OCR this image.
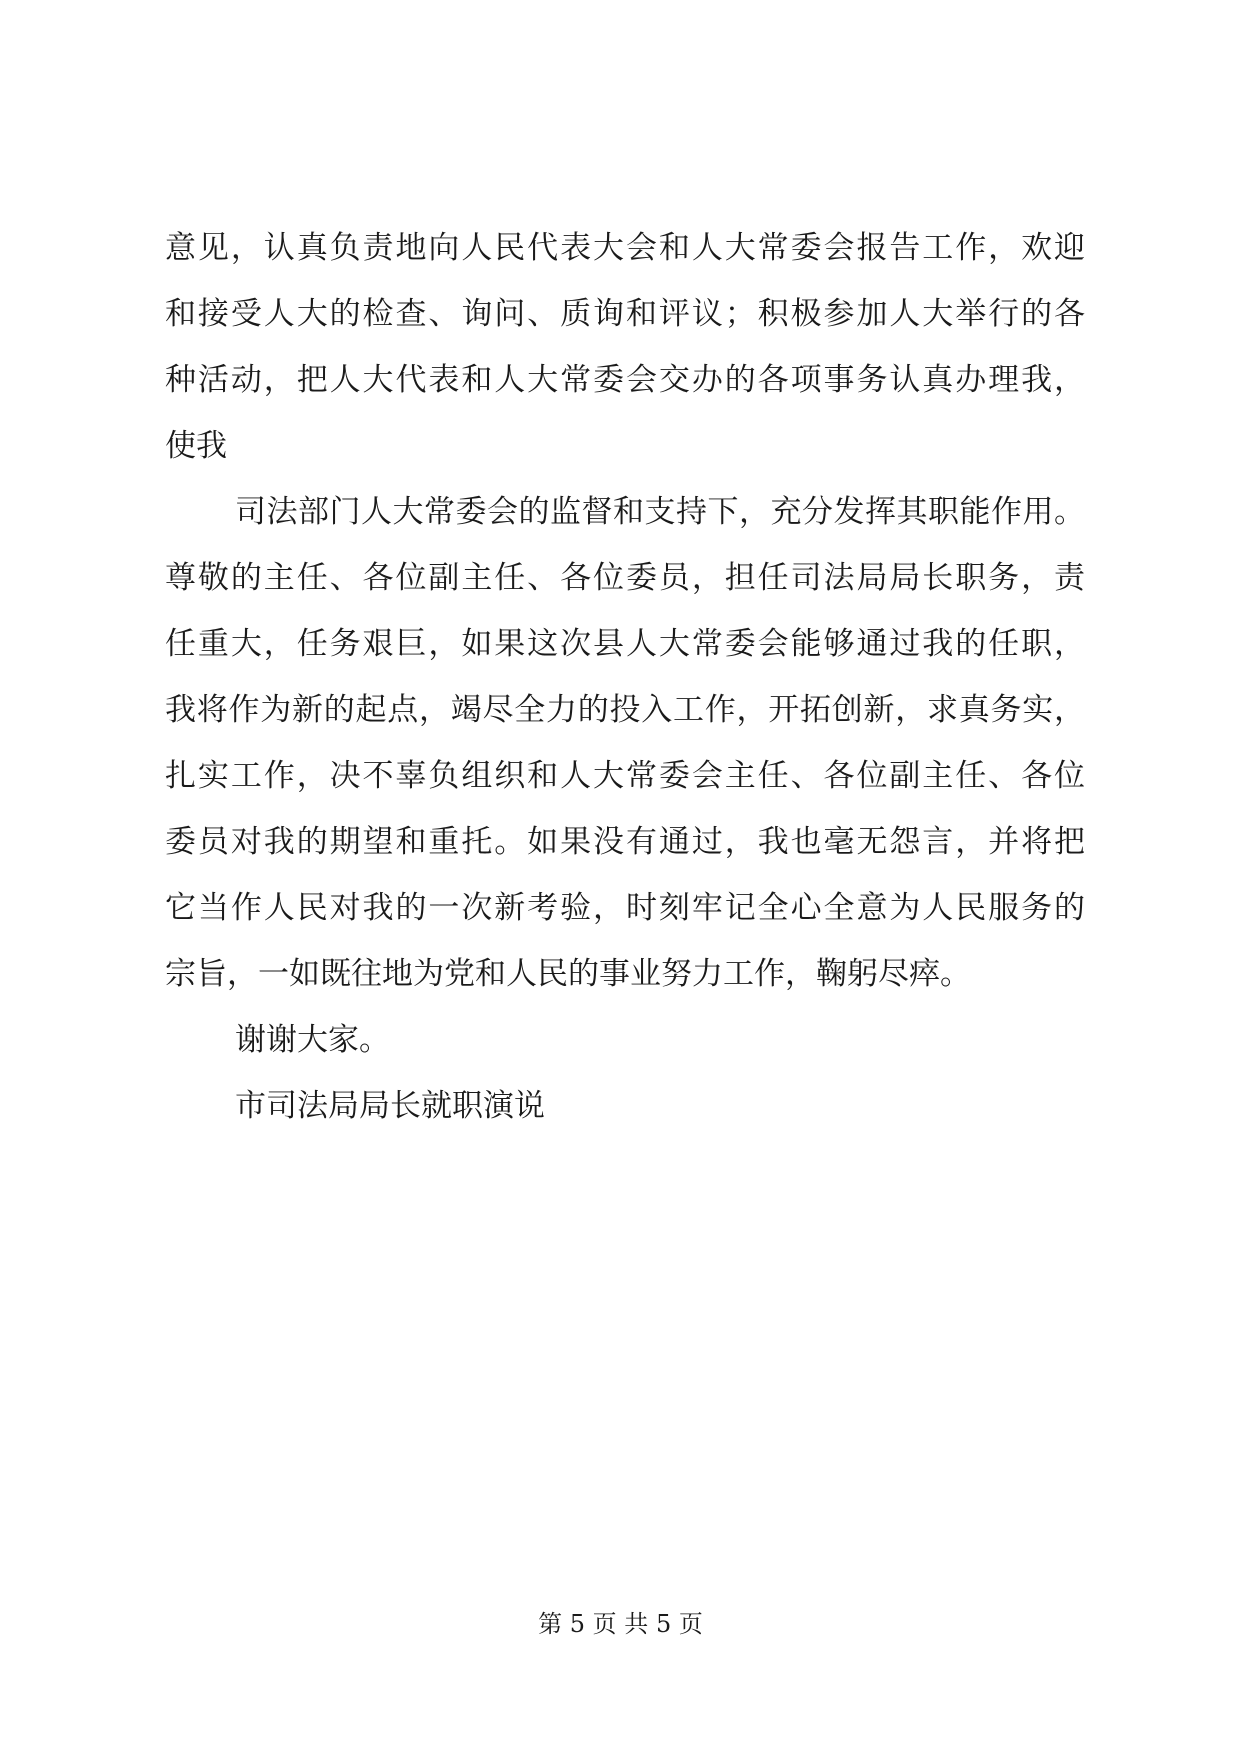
意见，认真负责地向人民代表大会和人大常委会报告工作，欢迎
和接受人大的检查、询问、质询和评议；积极参加人大举行的各
种活动，把人大代表和人大常委会交办的各项事务认真办理我，
使我
司法部门人大常委会的监督和支持下，充分发挥其职能作用。
尊敬的主任、各位副主任、各位委员，担任司法局局长职务，责
任重大，任务艰巨，如果这次县人大常委会能够通过我的任职，
我将作为新的起点，竭尽全力的投入工作，开拓创新，求真务实，
扎实工作，决不辜负组织和人大常委会主任、各位副主任、各位
委员对我的期望和重托。如果没有通过，我也毫无怨言，并将把
它当作人民对我的一次新考验，时刻牢记全心全意为人民服务的
宗旨，一如既往地为党和人民的事业努力工作，鞠躬尽瘁。
谢谢大家。
市司法局局长就职演说
第 5 页 共 5 页
